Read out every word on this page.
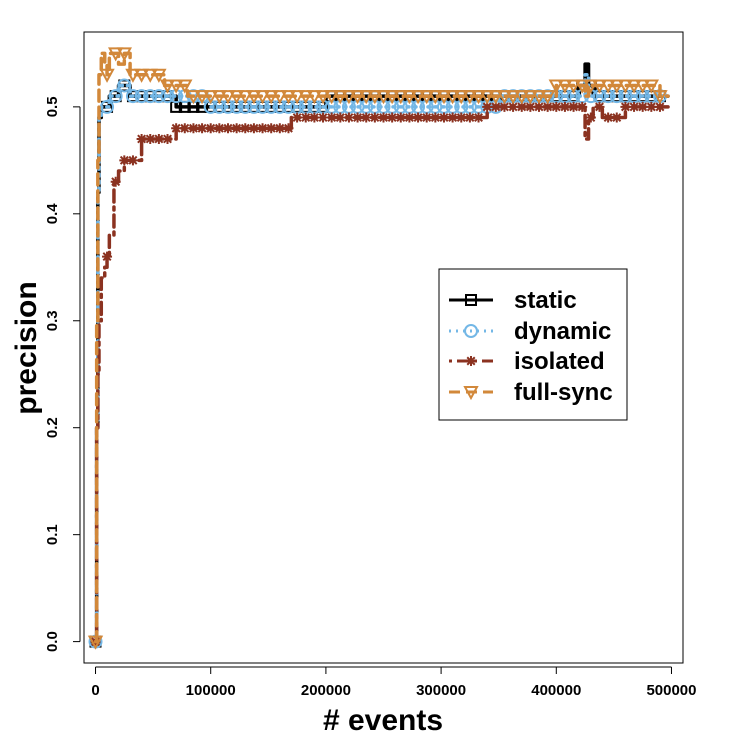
0	100000	200000	300000	400000	500000
0.0
0.1
0.2
0.3
0.4
0.5
# events
precision	static
dynamic
isolated
full-sync
